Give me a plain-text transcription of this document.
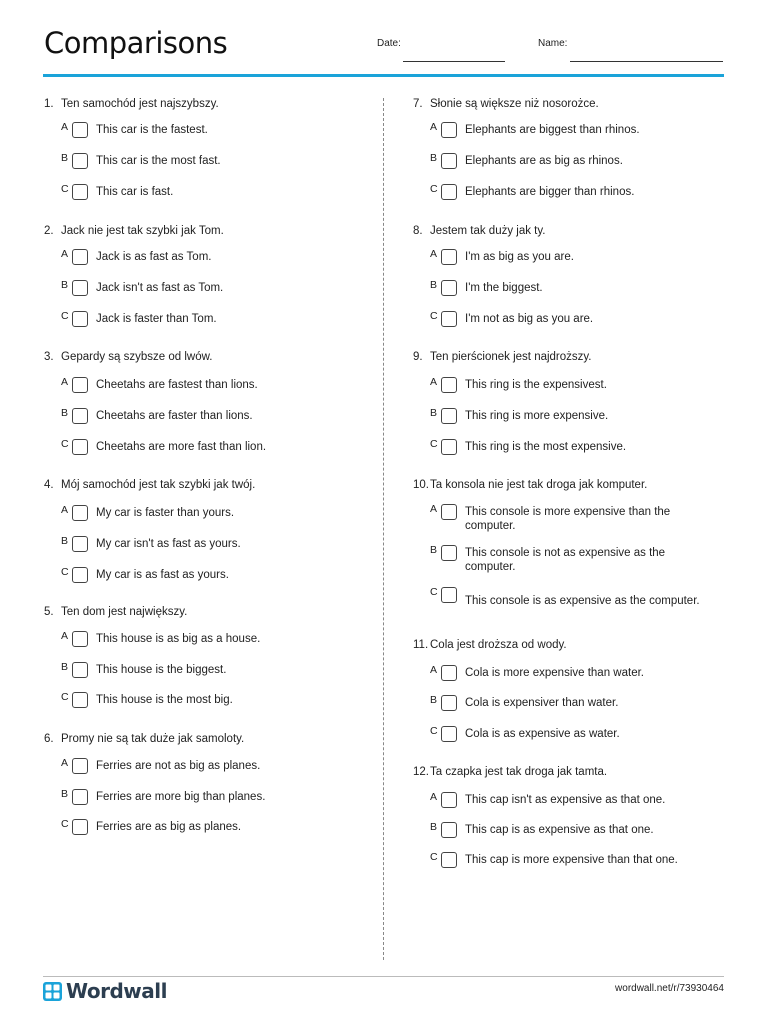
Comparisons	Date:	Name:
1. Ten samochód jest najszybszy.
A This car is the fastest.
B This car is the most fast.
C This car is fast.
2. Jack nie jest tak szybki jak Tom.
A Jack is as fast as Tom.
B Jack isn't as fast as Tom.
C Jack is faster than Tom.
3. Gepardy są szybsze od lwów.
A Cheetahs are fastest than lions.
B Cheetahs are faster than lions.
C Cheetahs are more fast than lion.
4. Mój samochód jest tak szybki jak twój.
A My car is faster than yours.
B My car isn't as fast as yours.
C My car is as fast as yours.
5. Ten dom jest największy.
A This house is as big as a house.
B This house is the biggest.
C This house is the most big.
6. Promy nie są tak duże jak samoloty.
A Ferries are not as big as planes.
B Ferries are more big than planes.
C Ferries are as big as planes.
7. Słonie są większe niż nosorożce.
A Elephants are biggest than rhinos.
B Elephants are as big as rhinos.
C Elephants are bigger than rhinos.
8. Jestem tak duży jak ty.
A I'm as big as you are.
B I'm the biggest.
C I'm not as big as you are.
9. Ten pierścionek jest najdroższy.
A This ring is the expensivest.
B This ring is more expensive.
C This ring is the most expensive.
10. Ta konsola nie jest tak droga jak komputer.
A This console is more expensive than the computer.
B This console is not as expensive as the computer.
C
This console is as expensive as the computer.
11. Cola jest droższa od wody.
A Cola is more expensive than water.
B Cola is expensiver than water.
C Cola is as expensive as water.
12. Ta czapka jest tak droga jak tamta.
A This cap isn't as expensive as that one.
B This cap is as expensive as that one.
C This cap is more expensive than that one.
Wordwall	wordwall.net/r/73930464
